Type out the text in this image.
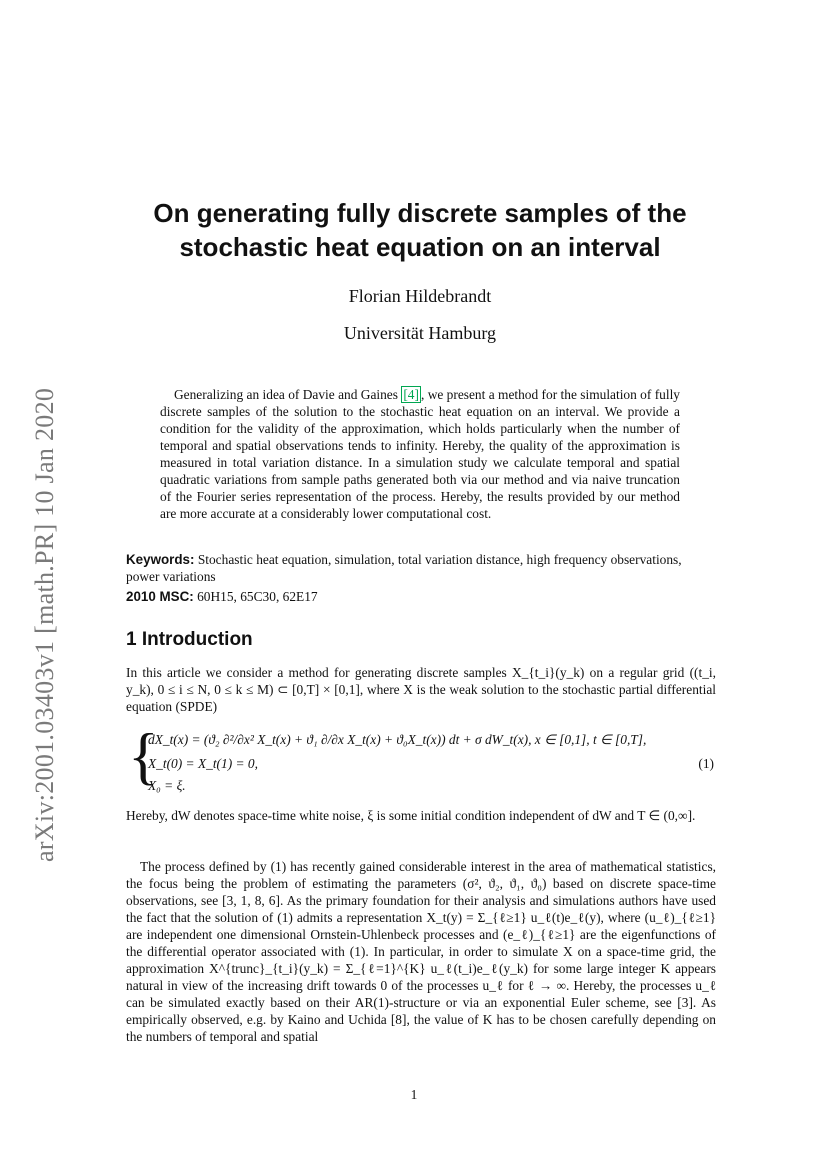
arXiv:2001.03403v1 [math.PR] 10 Jan 2020
On generating fully discrete samples of the
stochastic heat equation on an interval
Florian Hildebrandt
Universität Hamburg
Generalizing an idea of Davie and Gaines [4] , we present a method for the simulation of fully discrete samples of the solution to the stochastic heat equation on an interval. We provide a condition for the validity of the approximation, which holds particularly when the number of temporal and spatial observations tends to infinity. Hereby, the quality of the approximation is measured in total variation distance. In a simulation study we calculate temporal and spatial quadratic variations from sample paths generated both via our method and via naive truncation of the Fourier series representation of the process. Hereby, the results provided by our method are more accurate at a considerably lower computational cost.
Keywords: Stochastic heat equation, simulation, total variation distance, high frequency observations, power variations
2010 MSC: 60H15, 65C30, 62E17
1 Introduction
In this article we consider a method for generating discrete samples X_{t_i}(y_k) on a regular grid ((t_i, y_k), 0 ≤ i ≤ N, 0 ≤ k ≤ M) ⊂ [0,T] × [0,1], where X is the weak solution to the stochastic partial differential equation (SPDE)
{
dX_t(x) = (ϑ₂ ∂²/∂x² X_t(x) + ϑ₁ ∂/∂x X_t(x) + ϑ₀X_t(x)) dt + σ dW_t(x), x ∈ [0,1], t ∈ [0,T],
X_t(0) = X_t(1) = 0,
X₀ = ξ.
(1)
Hereby, dW denotes space-time white noise, ξ is some initial condition independent of dW and T ∈ (0,∞].
The process defined by (1) has recently gained considerable interest in the area of mathematical statistics, the focus being the problem of estimating the parameters (σ², ϑ₂, ϑ₁, ϑ₀) based on discrete space-time observations, see [3, 1, 8, 6]. As the primary foundation for their analysis and simulations authors have used the fact that the solution of (1) admits a representation X_t(y) = Σ_{ℓ≥1} u_ℓ(t)e_ℓ(y), where (u_ℓ)_{ℓ≥1} are independent one dimensional Ornstein-Uhlenbeck processes and (e_ℓ)_{ℓ≥1} are the eigenfunctions of the differential operator associated with (1). In particular, in order to simulate X on a space-time grid, the approximation X^{trunc}_{t_i}(y_k) = Σ_{ℓ=1}^{K} u_ℓ(t_i)e_ℓ(y_k) for some large integer K appears natural in view of the increasing drift towards 0 of the processes u_ℓ for ℓ → ∞. Hereby, the processes u_ℓ can be simulated exactly based on their AR(1)-structure or via an exponential Euler scheme, see [3]. As empirically observed, e.g. by Kaino and Uchida [8], the value of K has to be chosen carefully depending on the numbers of temporal and spatial
1
